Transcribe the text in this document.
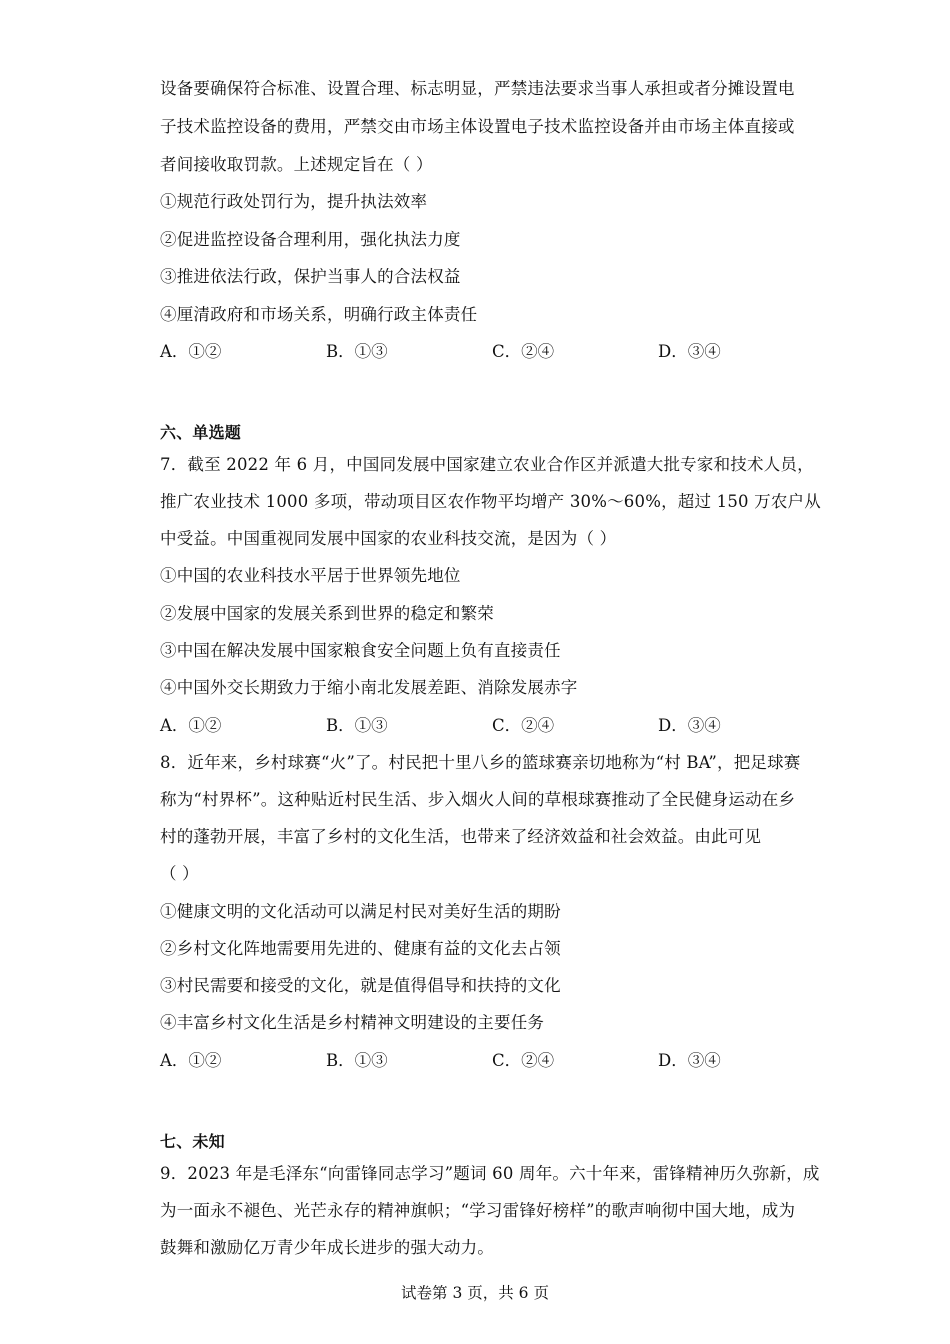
设备要确保符合标准、设置合理、标志明显，严禁违法要求当事人承担或者分摊设置电
子技术监控设备的费用，严禁交由市场主体设置电子技术监控设备并由市场主体直接或
者间接收取罚款。上述规定旨在（ ）
①规范行政处罚行为，提升执法效率
②促进监控设备合理利用，强化执法力度
③推进依法行政，保护当事人的合法权益
④厘清政府和市场关系，明确行政主体责任
A．①②	B．①③	C．②④	D．③④
六、单选题
7．截至 2022 年 6 月，中国同发展中国家建立农业合作区并派遣大批专家和技术人员，
推广农业技术 1000 多项，带动项目区农作物平均增产 30%～60%，超过 150 万农户从
中受益。中国重视同发展中国家的农业科技交流，是因为（ ）
①中国的农业科技水平居于世界领先地位
②发展中国家的发展关系到世界的稳定和繁荣
③中国在解决发展中国家粮食安全问题上负有直接责任
④中国外交长期致力于缩小南北发展差距、消除发展赤字
A．①②	B．①③	C．②④	D．③④
8．近年来，乡村球赛“火”了。村民把十里八乡的篮球赛亲切地称为“村 BA”，把足球赛
称为“村界杯”。这种贴近村民生活、步入烟火人间的草根球赛推动了全民健身运动在乡
村的蓬勃开展，丰富了乡村的文化生活，也带来了经济效益和社会效益。由此可见
（ ）
①健康文明的文化活动可以满足村民对美好生活的期盼
②乡村文化阵地需要用先进的、健康有益的文化去占领
③村民需要和接受的文化，就是值得倡导和扶持的文化
④丰富乡村文化生活是乡村精神文明建设的主要任务
A．①②	B．①③	C．②④	D．③④
七、未知
9．2023 年是毛泽东“向雷锋同志学习”题词 60 周年。六十年来，雷锋精神历久弥新，成
为一面永不褪色、光芒永存的精神旗帜；“学习雷锋好榜样”的歌声响彻中国大地，成为
鼓舞和激励亿万青少年成长进步的强大动力。
试卷第 3 页，共 6 页
